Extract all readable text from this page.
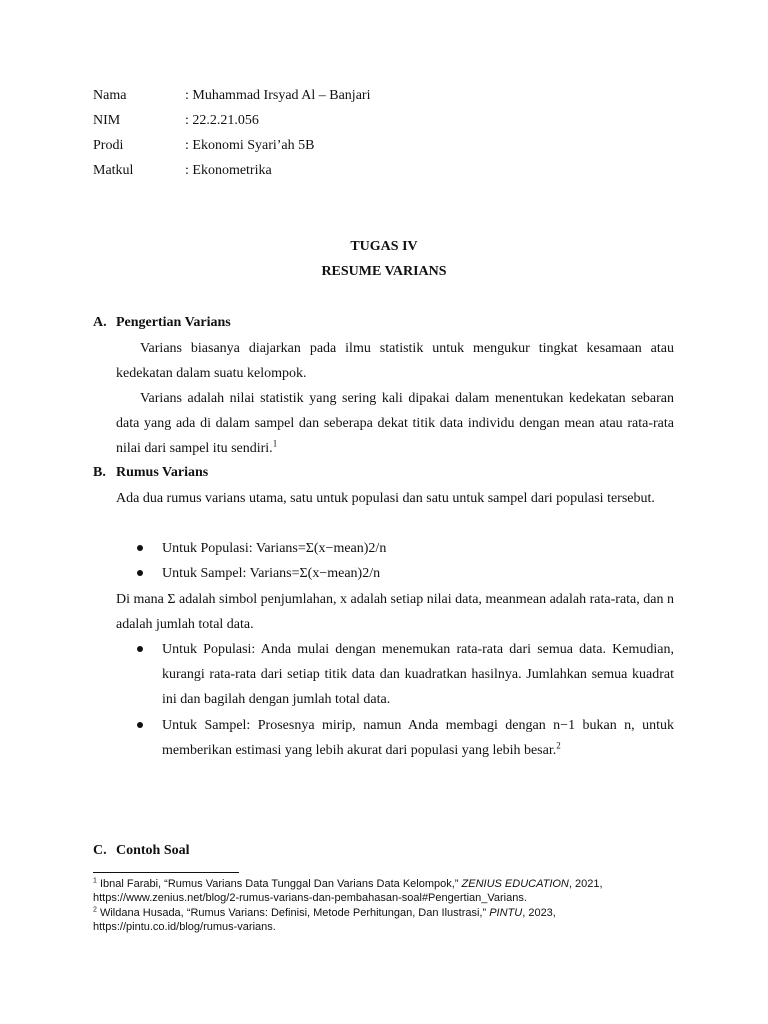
Nama	: Muhammad Irsyad Al – Banjari
NIM	: 22.2.21.056
Prodi	: Ekonomi Syari’ah 5B
Matkul	: Ekonometrika
TUGAS IV
RESUME VARIANS
A. Pengertian Varians
Varians biasanya diajarkan pada ilmu statistik untuk mengukur tingkat kesamaan atau kedekatan dalam suatu kelompok.
Varians adalah nilai statistik yang sering kali dipakai dalam menentukan kedekatan sebaran data yang ada di dalam sampel dan seberapa dekat titik data individu dengan mean atau rata-rata nilai dari sampel itu sendiri.$^1$
B. Rumus Varians
Ada dua rumus varians utama, satu untuk populasi dan satu untuk sampel dari populasi tersebut.
Untuk Populasi: Varians=Σ(x−mean)2/n
Untuk Sampel: Varians=Σ(x−mean)2/n
Di mana Σ adalah simbol penjumlahan, x adalah setiap nilai data, meanmean adalah rata-rata, dan n adalah jumlah total data.
Untuk Populasi: Anda mulai dengan menemukan rata-rata dari semua data. Kemudian, kurangi rata-rata dari setiap titik data dan kuadratkan hasilnya. Jumlahkan semua kuadrat ini dan bagilah dengan jumlah total data.
Untuk Sampel: Prosesnya mirip, namun Anda membagi dengan n−1 bukan n, untuk memberikan estimasi yang lebih akurat dari populasi yang lebih besar.$^2$
C. Contoh Soal
$^1$ Ibnal Farabi, “Rumus Varians Data Tunggal Dan Varians Data Kelompok,” ZENIUS EDUCATION, 2021, https://www.zenius.net/blog/2-rumus-varians-dan-pembahasan-soal#Pengertian_Varians.
$^2$ Wildana Husada, “Rumus Varians: Definisi, Metode Perhitungan, Dan Ilustrasi,” PINTU, 2023, https://pintu.co.id/blog/rumus-varians.
